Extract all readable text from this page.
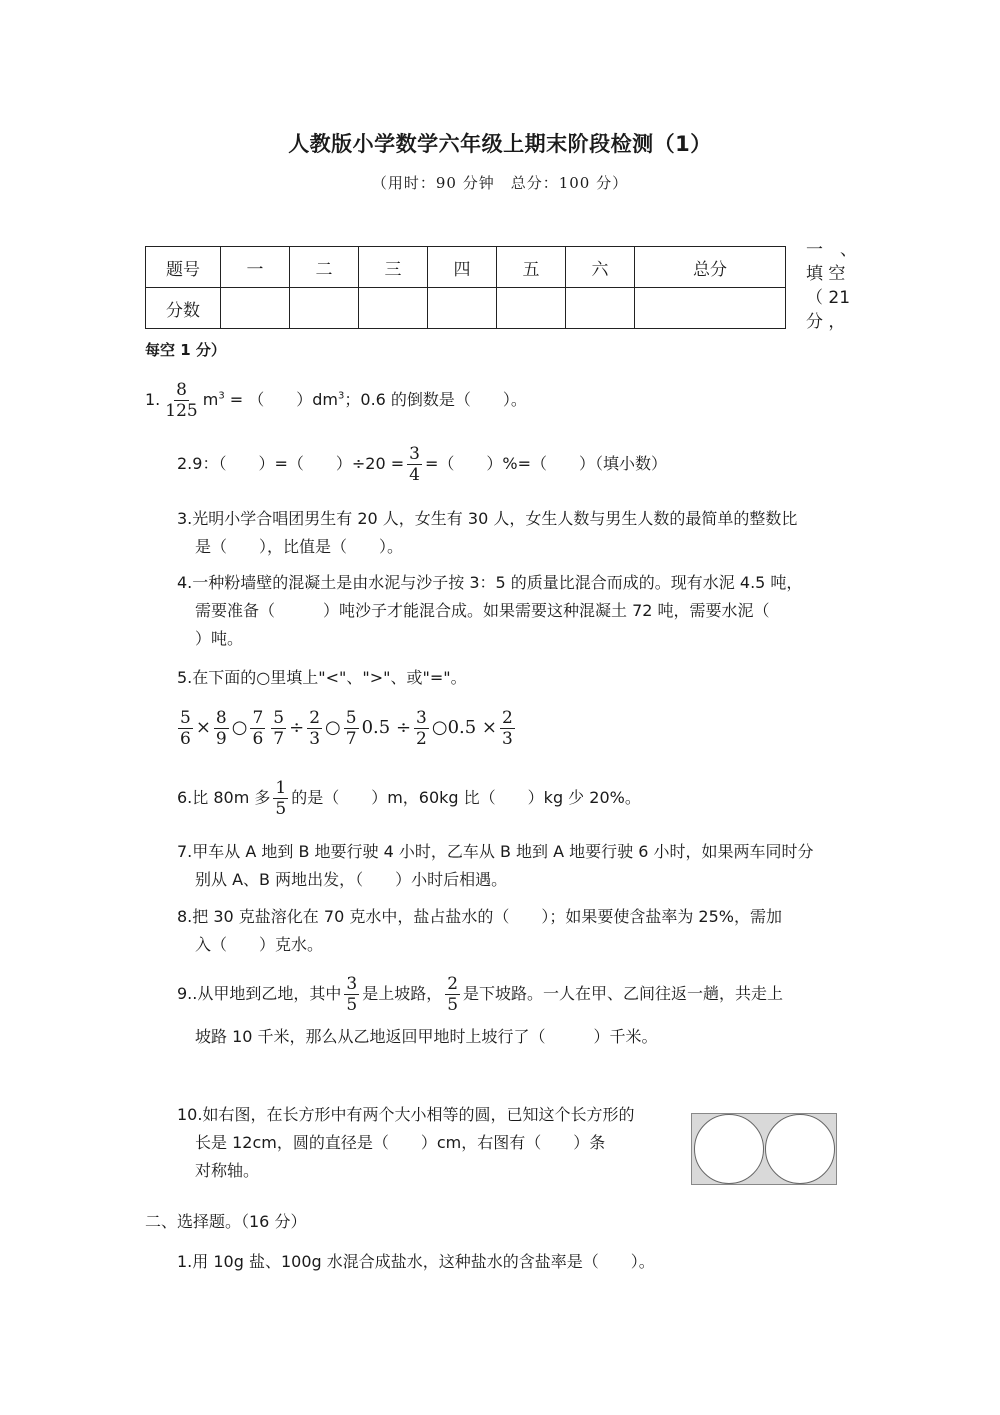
人教版小学数学六年级上期末阶段检测（1）
（用时：90 分钟　总分：100 分）
题号	一	二	三	四	五	六	总分
分数							
一　、
填 空
（ 21
分 ，
每空 1 分）
1. $\frac{8}{125} m^3$ = （　　）$dm^3$；0.6 的倒数是（　　）。
2.9：（　　）=（　　）$\div 20 = \frac{3}{4}$ =（　　）%=（　　）（填小数）
3.光明小学合唱团男生有 20 人，女生有 30 人，女生人数与男生人数的最简单的整数比
是（　　），比值是（　　）。
4.一种粉墙壁的混凝土是由水泥与沙子按 3：5 的质量比混合而成的。现有水泥 4.5 吨，
需要准备（　　　）吨沙子才能混合成。如果需要这种混凝土 72 吨，需要水泥（
）吨。
5.在下面的○里填上"<"、">"、或"="。
$\frac{5}{6} \times \frac{8}{9}$ ○ $\frac{7}{6} \frac{5}{7} \div \frac{2}{3}$ ○ $\frac{5}{7} 0.5 \div \frac{3}{2}$ ○0.5 × $\frac{2}{3}$
6.比 80m 多 $\frac{1}{5}$ 的是（　　）m，60kg 比（　　）kg 少 20%。
7.甲车从 A 地到 B 地要行驶 4 小时，乙车从 B 地到 A 地要行驶 6 小时，如果两车同时分
别从 A、B 两地出发，（　　）小时后相遇。
8.把 30 克盐溶化在 70 克水中，盐占盐水的（　　）；如果要使含盐率为 25%，需加
入（　　）克水。
9..从甲地到乙地，其中 $\frac{3}{5}$ 是上坡路， $\frac{2}{5}$ 是下坡路。一人在甲、乙间往返一趟，共走上
坡路 10 千米，那么从乙地返回甲地时上坡行了（　　　）千米。
10.如右图，在长方形中有两个大小相等的圆，已知这个长方形的
长是 12cm，圆的直径是（　　）cm，右图有（　　）条
对称轴。
二、选择题。（16 分）
1.用 10g 盐、100g 水混合成盐水，这种盐水的含盐率是（　　）。
